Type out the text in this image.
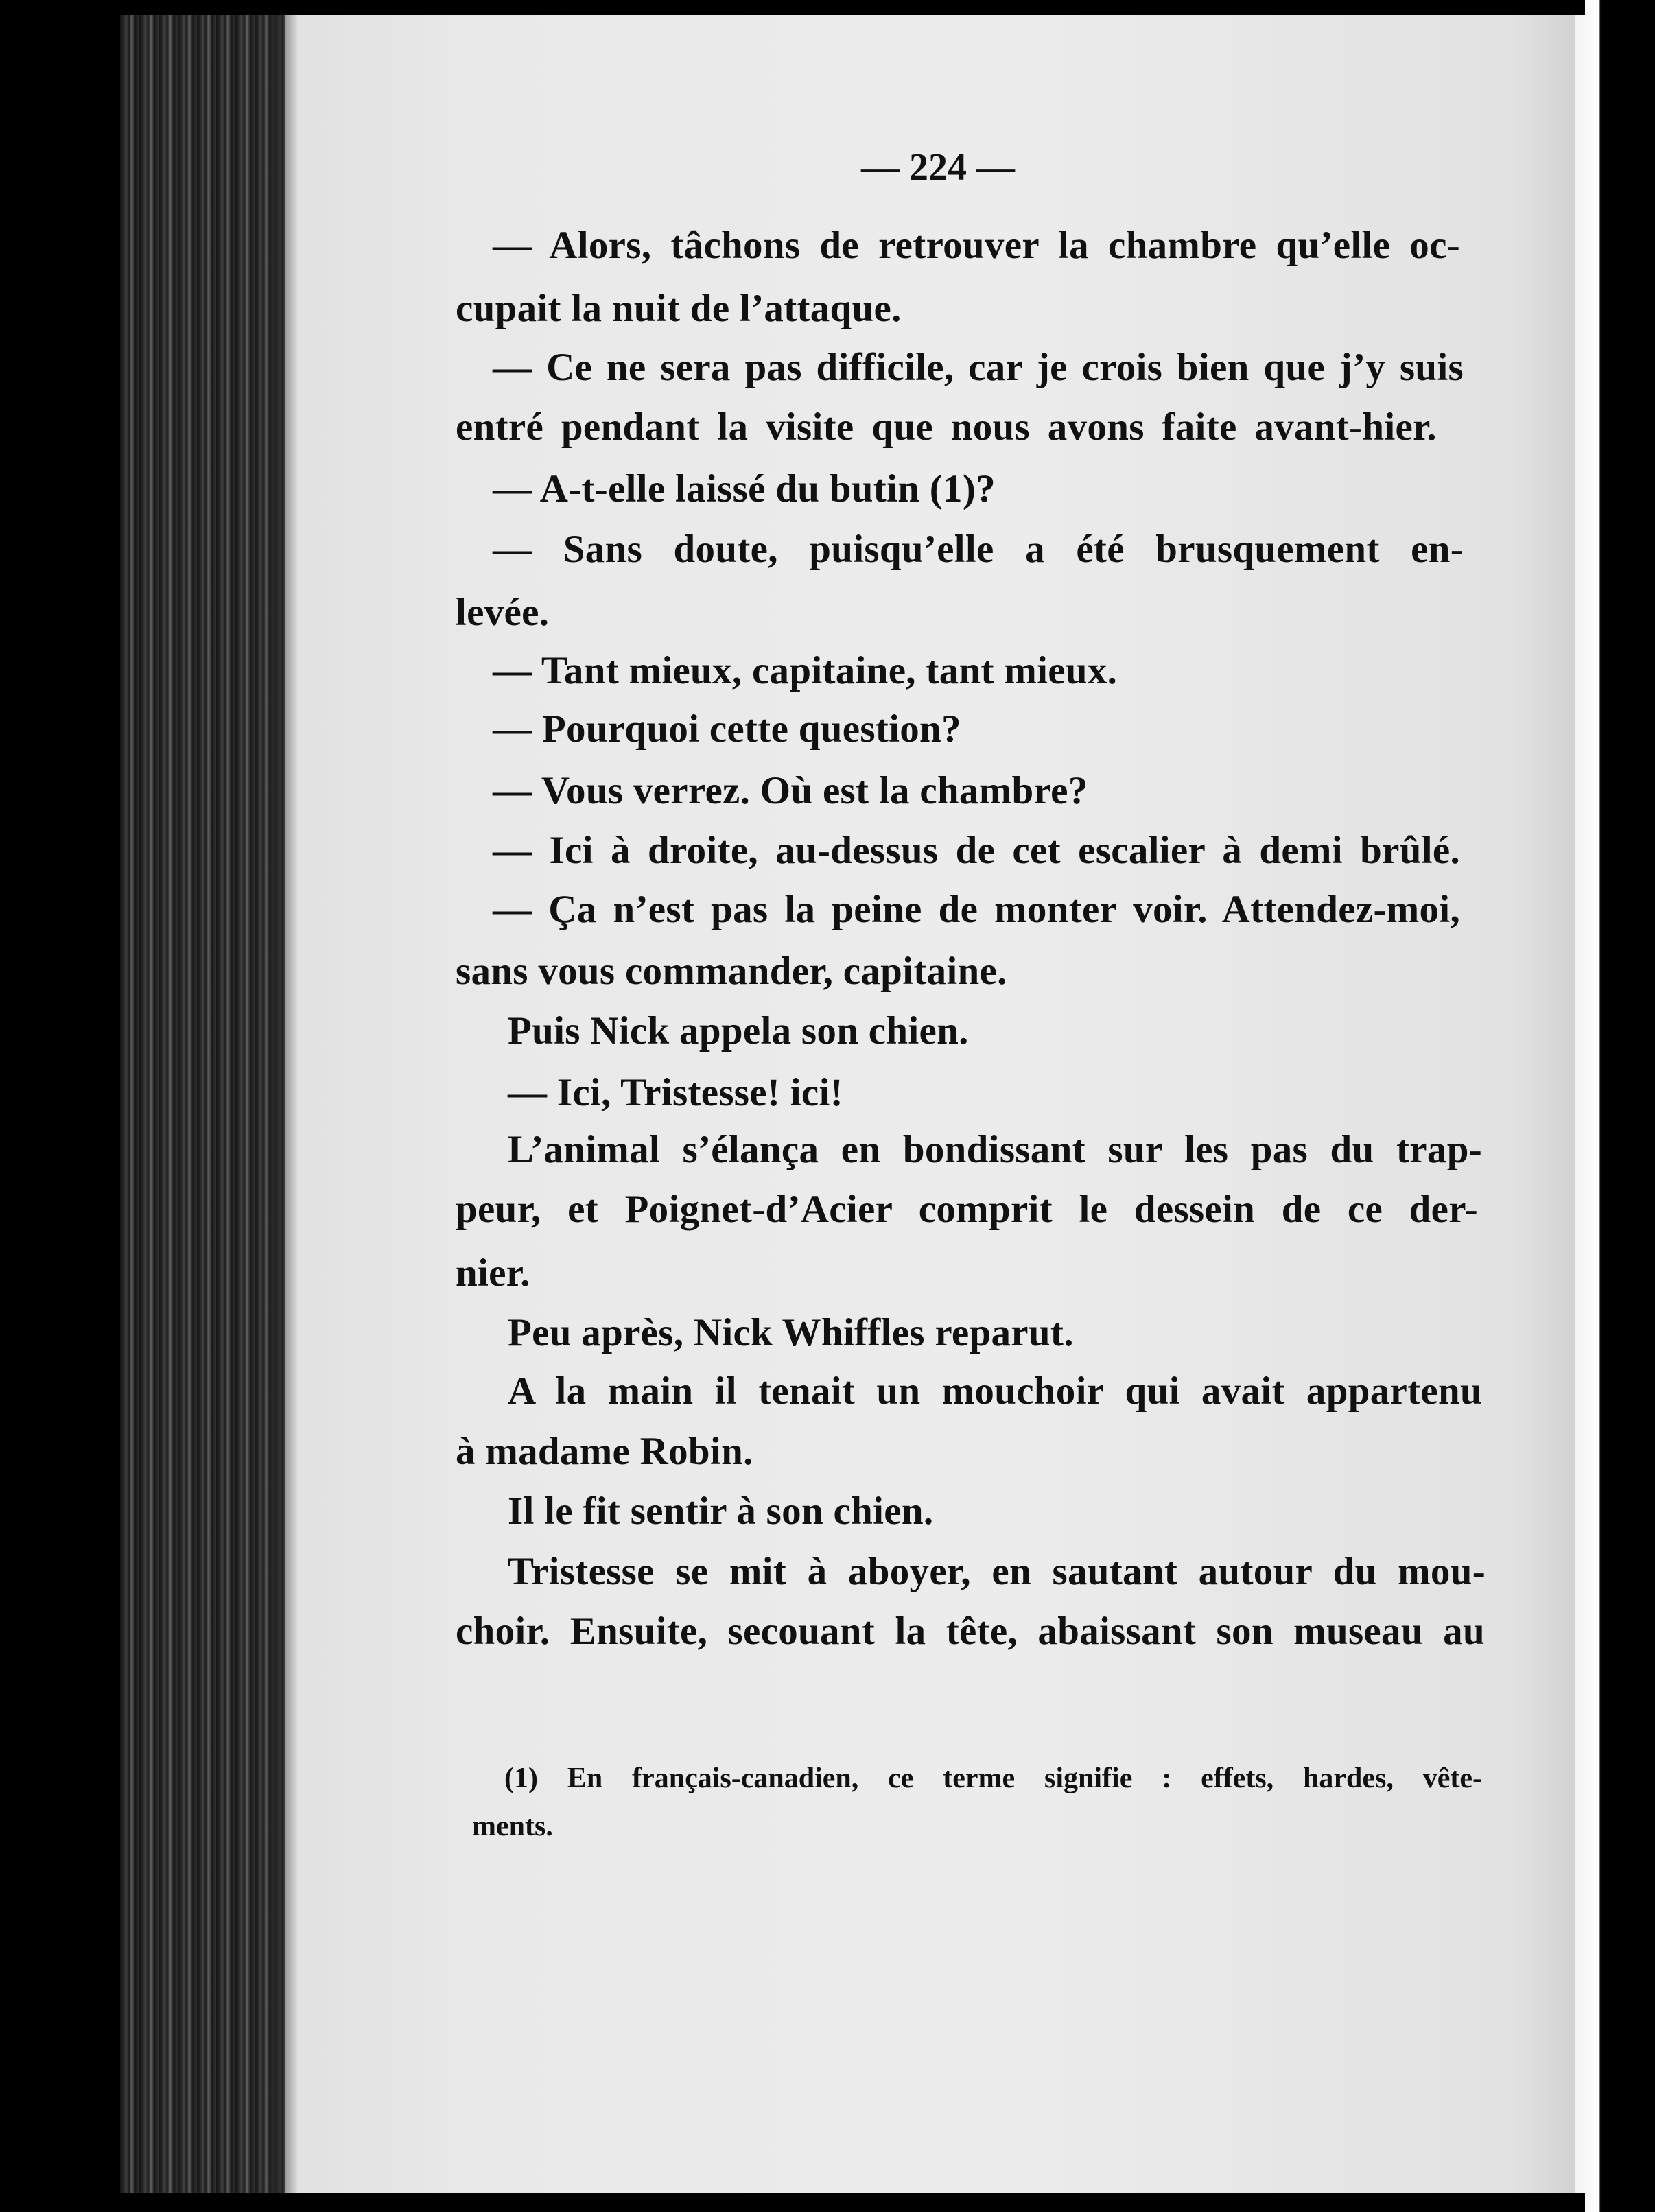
— 224 —
— Alors, tâchons de retrouver la chambre qu’elle oc-
cupait la nuit de l’attaque.
— Ce ne sera pas difficile, car je crois bien que j’y suis
entré pendant la visite que nous avons faite avant-hier.
— A-t-elle laissé du butin (1)?
— Sans doute, puisqu’elle a été brusquement en-
levée.
— Tant mieux, capitaine, tant mieux.
— Pourquoi cette question?
— Vous verrez. Où est la chambre?
— Ici à droite, au-dessus de cet escalier à demi brûlé.
— Ça n’est pas la peine de monter voir. Attendez-moi,
sans vous commander, capitaine.
Puis Nick appela son chien.
— Ici, Tristesse! ici!
L’animal s’élança en bondissant sur les pas du trap-
peur, et Poignet-d’Acier comprit le dessein de ce der-
nier.
Peu après, Nick Whiffles reparut.
A la main il tenait un mouchoir qui avait appartenu
à madame Robin.
Il le fit sentir à son chien.
Tristesse se mit à aboyer, en sautant autour du mou-
choir. Ensuite, secouant la tête, abaissant son museau au
(1) En français-canadien, ce terme signifie : effets, hardes, vête-
ments.
